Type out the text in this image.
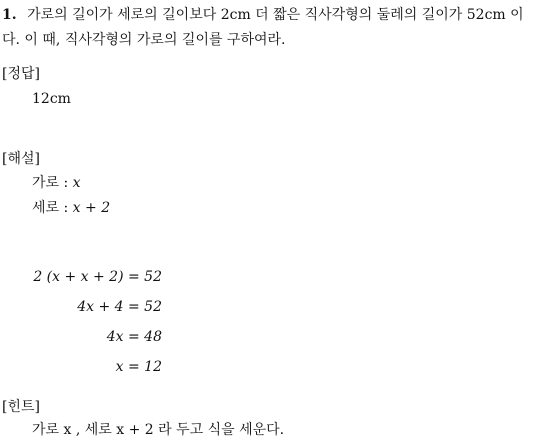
1. 가로의 길이가 세로의 길이보다 2cm 더 짧은 직사각형의 둘레의 길이가 52cm 이다. 이 때, 직사각형의 가로의 길이를 구하여라.
[정답]
12cm
[해설]
가로 : x
세로 : x + 2
2 (x + x + 2) = 52
4x + 4 = 52
4x = 48
x = 12
[힌트]
가로 x , 세로 x + 2 라 두고 식을 세운다.
